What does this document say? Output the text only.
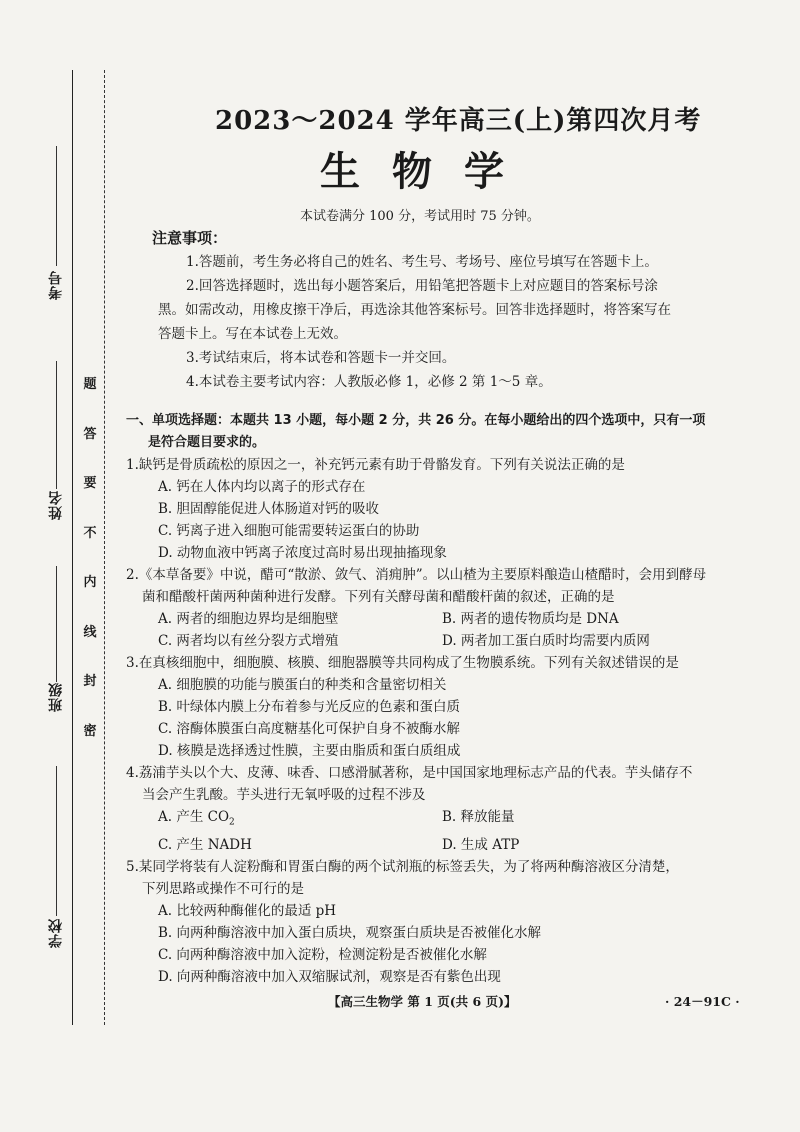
考号
姓名
班级
学校
题
答
要
不
内
线
封
密
2023～2024 学年高三(上)第四次月考
生物学
本试卷满分 100 分，考试用时 75 分钟。
注意事项：

1.答题前，考生务必将自己的姓名、考生号、考场号、座位号填写在答题卡上。

2.回答选择题时，选出每小题答案后，用铅笔把答题卡上对应题目的答案标号涂

黑。如需改动，用橡皮擦干净后，再选涂其他答案标号。回答非选择题时，将答案写在

答题卡上。写在本试卷上无效。

3.考试结束后，将本试卷和答题卡一并交回。

4.本试卷主要考试内容：人教版必修 1，必修 2 第 1～5 章。

一、单项选择题：本题共 13 小题，每小题 2 分，共 26 分。在每小题给出的四个选项中，只有一项
是符合题目要求的。

1.缺钙是骨质疏松的原因之一，补充钙元素有助于骨骼发育。下列有关说法正确的是

A. 钙在人体内均以离子的形式存在

B. 胆固醇能促进人体肠道对钙的吸收

C. 钙离子进入细胞可能需要转运蛋白的协助

D. 动物血液中钙离子浓度过高时易出现抽搐现象

2.《本草备要》中说，醋可“散淤、敛气、消痈肿”。以山楂为主要原料酿造山楂醋时，会用到酵母

菌和醋酸杆菌两种菌种进行发酵。下列有关酵母菌和醋酸杆菌的叙述，正确的是

A. 两者的细胞边界均是细胞壁	B. 两者的遗传物质均是 DNA
C. 两者均以有丝分裂方式增殖	D. 两者加工蛋白质时均需要内质网

3.在真核细胞中，细胞膜、核膜、细胞器膜等共同构成了生物膜系统。下列有关叙述错误的是

A. 细胞膜的功能与膜蛋白的种类和含量密切相关

B. 叶绿体内膜上分布着参与光反应的色素和蛋白质

C. 溶酶体膜蛋白高度糖基化可保护自身不被酶水解

D. 核膜是选择透过性膜，主要由脂质和蛋白质组成

4.荔浦芋头以个大、皮薄、味香、口感滑腻著称，是中国国家地理标志产品的代表。芋头储存不

当会产生乳酸。芋头进行无氧呼吸的过程不涉及

A. 产生 $CO_2$	B. 释放能量
C. 产生 NADH	D. 生成 ATP

5.某同学将装有人淀粉酶和胃蛋白酶的两个试剂瓶的标签丢失，为了将两种酶溶液区分清楚，

下列思路或操作不可行的是

A. 比较两种酶催化的最适 pH

B. 向两种酶溶液中加入蛋白质块，观察蛋白质块是否被催化水解

C. 向两种酶溶液中加入淀粉，检测淀粉是否被催化水解

D. 向两种酶溶液中加入双缩脲试剂，观察是否有紫色出现

【高三生物学 第 1 页(共 6 页)】	· 24－91C ·
